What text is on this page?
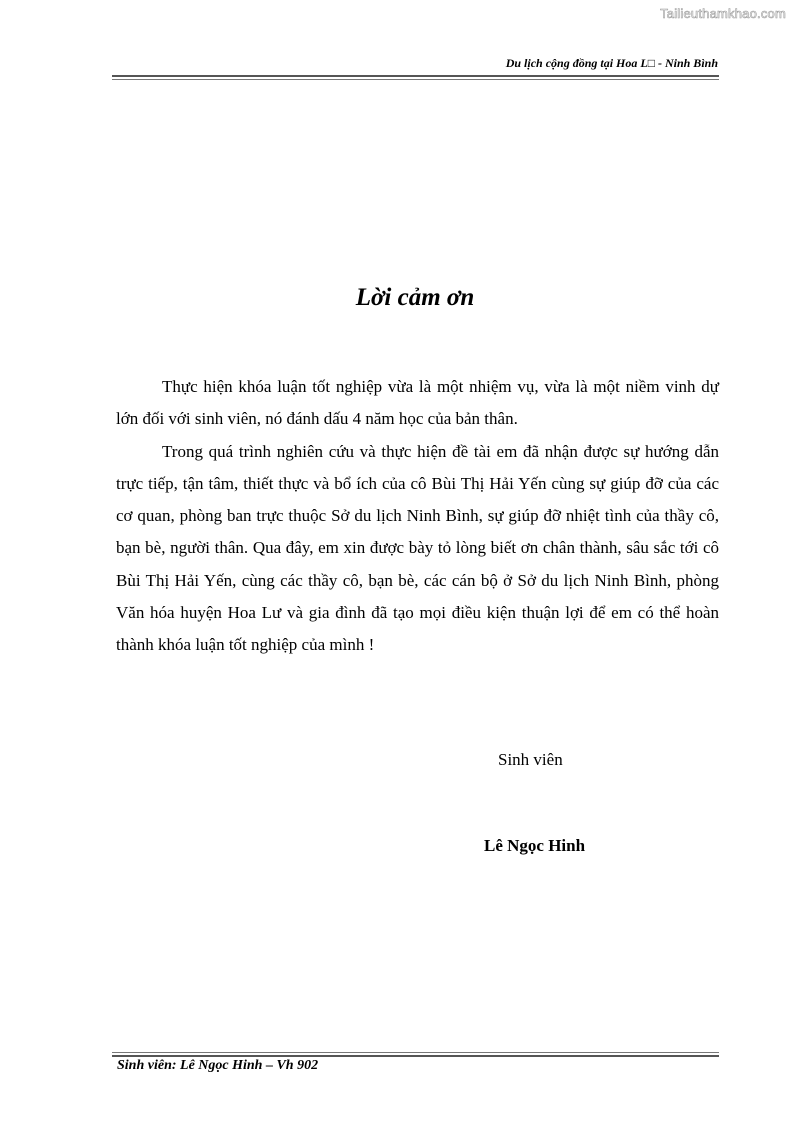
Tailieuthamkhao.com
Du lịch cộng đồng tại Hoa L□ - Ninh Bình
Lời cảm ơn

Thực hiện khóa luận tốt nghiệp vừa là một nhiệm vụ, vừa là một niềm vinh dự lớn đối với sinh viên, nó đánh dấu 4 năm học của bản thân.

Trong quá trình nghiên cứu và thực hiện đề tài em đã nhận được sự hướng dẫn trực tiếp, tận tâm, thiết thực và bổ ích của cô Bùi Thị Hải Yến cùng sự giúp đỡ của các cơ quan, phòng ban trực thuộc Sở du lịch Ninh Bình, sự giúp đỡ nhiệt tình của thầy cô, bạn bè, người thân. Qua đây, em xin được bày tỏ lòng biết ơn chân thành, sâu sắc tới cô Bùi Thị Hải Yến, cùng các thầy cô, bạn bè, các cán bộ ở Sở du lịch Ninh Bình, phòng Văn hóa huyện Hoa Lư và gia đình đã tạo mọi điều kiện thuận lợi để em có thể hoàn thành khóa luận tốt nghiệp của mình !

Sinh viên
Lê Ngọc Hinh
Sinh viên: Lê Ngọc Hinh – Vh 902
